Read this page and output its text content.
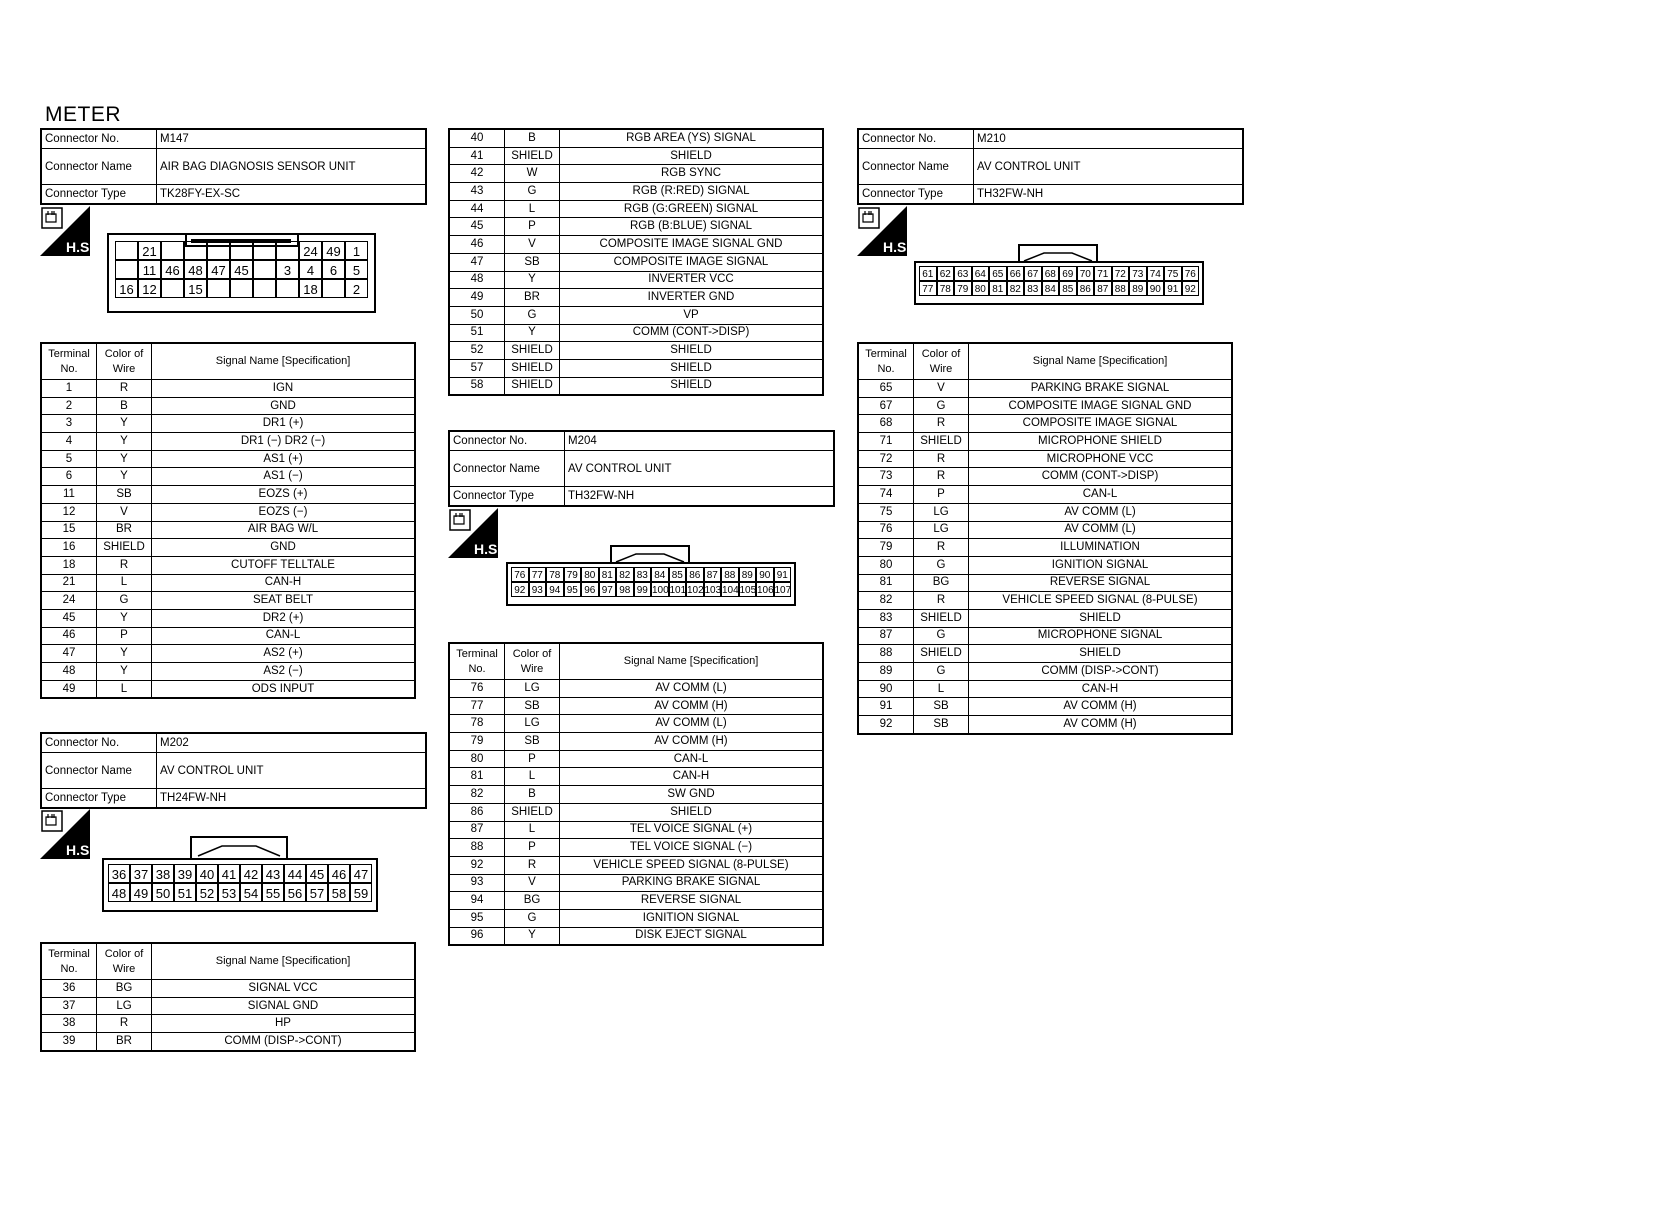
METER
Connector No.	M147
Connector Name	AIR BAG DIAGNOSIS SENSOR UNIT
Connector Type	TK28FY-EX-SC
H.S.	21	24 49 1
11 46 48 47 45	3	4	6	5
16 12	15	18	2
Terminal No.	Color of Wire	Signal Name [Specification]
1	R	IGN
2	B	GND
3	Y	DR1 (+)
4	Y	DR1 (−) DR2 (−)
5	Y	AS1 (+)
6	Y	AS1 (−)
11	SB	EOZS (+)
12	V	EOZS (−)
15	BR	AIR BAG W/L
16	SHIELD	GND
18	R	CUTOFF TELLTALE
21	L	CAN-H
24	G	SEAT BELT
45	Y	DR2 (+)
46	P	CAN-L
47	Y	AS2 (+)
48	Y	AS2 (−)
49	L	ODS INPUT
Connector No.	M202
Connector Name	AV CONTROL UNIT
Connector Type	TH24FW-NH
H.S.
36 37 38 39 40 41 42 43 44 45 46 47
48 49 50 51 52 53 54 55 56 57 58 59
Terminal No.	Color of Wire	Signal Name [Specification]
36	BG	SIGNAL VCC
37	LG	SIGNAL GND
38	R	HP
39	BR	COMM (DISP->CONT)
40	B	RGB AREA (YS) SIGNAL
41	SHIELD	SHIELD
42	W	RGB SYNC
43	G	RGB (R:RED) SIGNAL
44	L	RGB (G:GREEN) SIGNAL
45	P	RGB (B:BLUE) SIGNAL
46	V	COMPOSITE IMAGE SIGNAL GND
47	SB	COMPOSITE IMAGE SIGNAL
48	Y	INVERTER VCC
49	BR	INVERTER GND
50	G	VP
51	Y	COMM (CONT->DISP)
52	SHIELD	SHIELD
57	SHIELD	SHIELD
58	SHIELD	SHIELD
Connector No.	M204
Connector Name	AV CONTROL UNIT
Connector Type	TH32FW-NH
H.S.
76 77 78 79 80 81 82 83 84 85 86 87 88 89 90 91
92 93 94 95 96 97 98 99 100 101 102 103 104 105 106 107
Terminal No.	Color of Wire	Signal Name [Specification]
76	LG	AV COMM (L)
77	SB	AV COMM (H)
78	LG	AV COMM (L)
79	SB	AV COMM (H)
80	P	CAN-L
81	L	CAN-H
82	B	SW GND
86	SHIELD	SHIELD
87	L	TEL VOICE SIGNAL (+)
88	P	TEL VOICE SIGNAL (−)
92	R	VEHICLE SPEED SIGNAL (8-PULSE)
93	V	PARKING BRAKE SIGNAL
94	BG	REVERSE SIGNAL
95	G	IGNITION SIGNAL
96	Y	DISK EJECT SIGNAL
Connector No.	M210
Connector Name	AV CONTROL UNIT
Connector Type	TH32FW-NH
H.S.
61 62 63 64 65 66 67 68 69 70 71 72 73 74 75 76
77 78 79 80 81 82 83 84 85 86 87 88 89 90 91 92
Terminal No.	Color of Wire	Signal Name [Specification]
65	V	PARKING BRAKE SIGNAL
67	G	COMPOSITE IMAGE SIGNAL GND
68	R	COMPOSITE IMAGE SIGNAL
71	SHIELD	MICROPHONE SHIELD
72	R	MICROPHONE VCC
73	R	COMM (CONT->DISP)
74	P	CAN-L
75	LG	AV COMM (L)
76	LG	AV COMM (L)
79	R	ILLUMINATION
80	G	IGNITION SIGNAL
81	BG	REVERSE SIGNAL
82	R	VEHICLE SPEED SIGNAL (8-PULSE)
83	SHIELD	SHIELD
87	G	MICROPHONE SIGNAL
88	SHIELD	SHIELD
89	G	COMM (DISP->CONT)
90	L	CAN-H
91	SB	AV COMM (H)
92	SB	AV COMM (H)
